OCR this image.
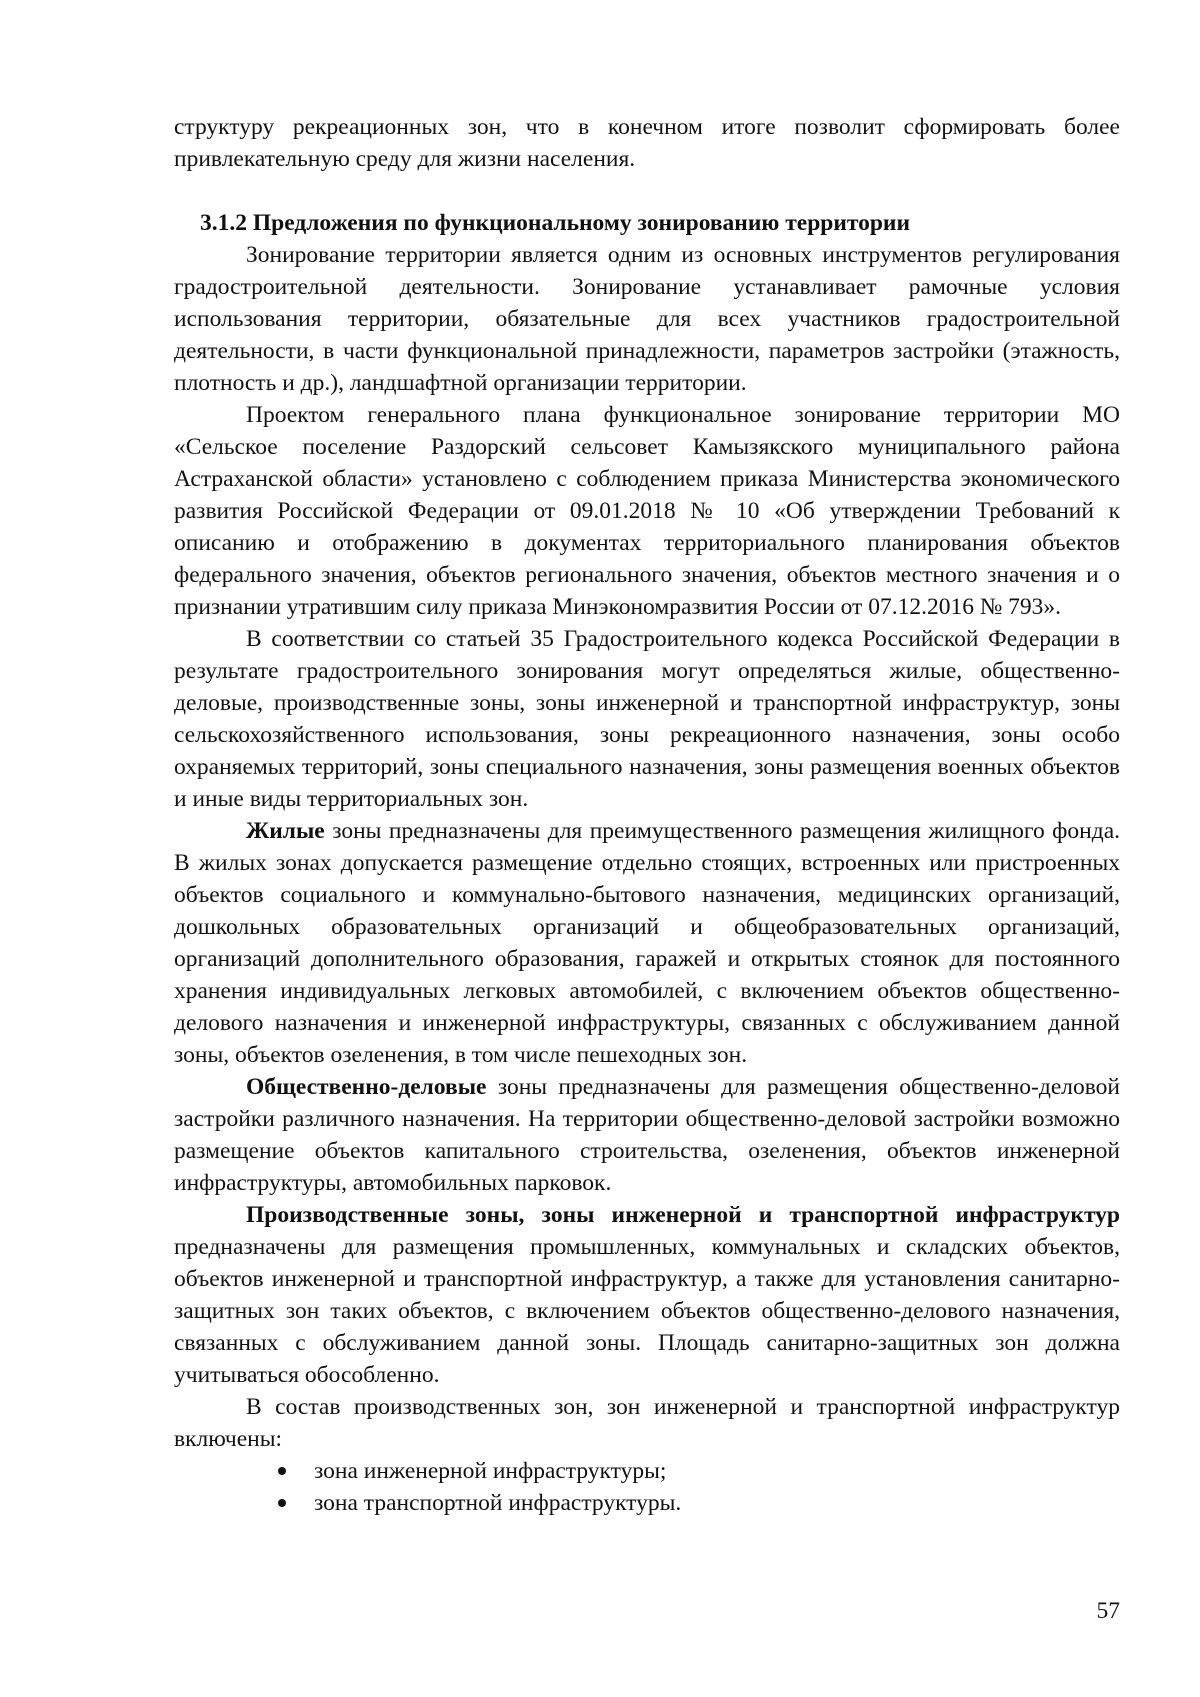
структуру рекреационных зон, что в конечном итоге позволит сформировать более привлекательную среду для жизни населения.

3.1.2 Предложения по функциональному зонированию территории

Зонирование территории является одним из основных инструментов регулирования градостроительной деятельности. Зонирование устанавливает рамочные условия использования территории, обязательные для всех участников градостроительной деятельности, в части функциональной принадлежности, параметров застройки (этажность, плотность и др.), ландшафтной организации территории.

Проектом генерального плана функциональное зонирование территории МО «Сельское поселение Раздорский сельсовет Камызякского муниципального района Астраханской области» установлено с соблюдением приказа Министерства экономического развития Российской Федерации от 09.01.2018 № 10 «Об утверждении Требований к описанию и отображению в документах территориального планирования объектов федерального значения, объектов регионального значения, объектов местного значения и о признании утратившим силу приказа Минэкономразвития России от 07.12.2016 № 793».

В соответствии со статьей 35 Градостроительного кодекса Российской Федерации в результате градостроительного зонирования могут определяться жилые, общественно-деловые, производственные зоны, зоны инженерной и транспортной инфраструктур, зоны сельскохозяйственного использования, зоны рекреационного назначения, зоны особо охраняемых территорий, зоны специального назначения, зоны размещения военных объектов и иные виды территориальных зон.

Жилые зоны предназначены для преимущественного размещения жилищного фонда. В жилых зонах допускается размещение отдельно стоящих, встроенных или пристроенных объектов социального и коммунально-бытового назначения, медицинских организаций, дошкольных образовательных организаций и общеобразовательных организаций, организаций дополнительного образования, гаражей и открытых стоянок для постоянного хранения индивидуальных легковых автомобилей, с включением объектов общественно-делового назначения и инженерной инфраструктуры, связанных с обслуживанием данной зоны, объектов озеленения, в том числе пешеходных зон.

Общественно-деловые зоны предназначены для размещения общественно-деловой застройки различного назначения. На территории общественно-деловой застройки возможно размещение объектов капитального строительства, озеленения, объектов инженерной инфраструктуры, автомобильных парковок.

Производственные зоны, зоны инженерной и транспортной инфраструктур предназначены для размещения промышленных, коммунальных и складских объектов, объектов инженерной и транспортной инфраструктур, а также для установления санитарно-защитных зон таких объектов, с включением объектов общественно-делового назначения, связанных с обслуживанием данной зоны. Площадь санитарно-защитных зон должна учитываться обособленно.

В состав производственных зон, зон инженерной и транспортной инфраструктур включены:

зона инженерной инфраструктуры;
зона транспортной инфраструктуры.
57
